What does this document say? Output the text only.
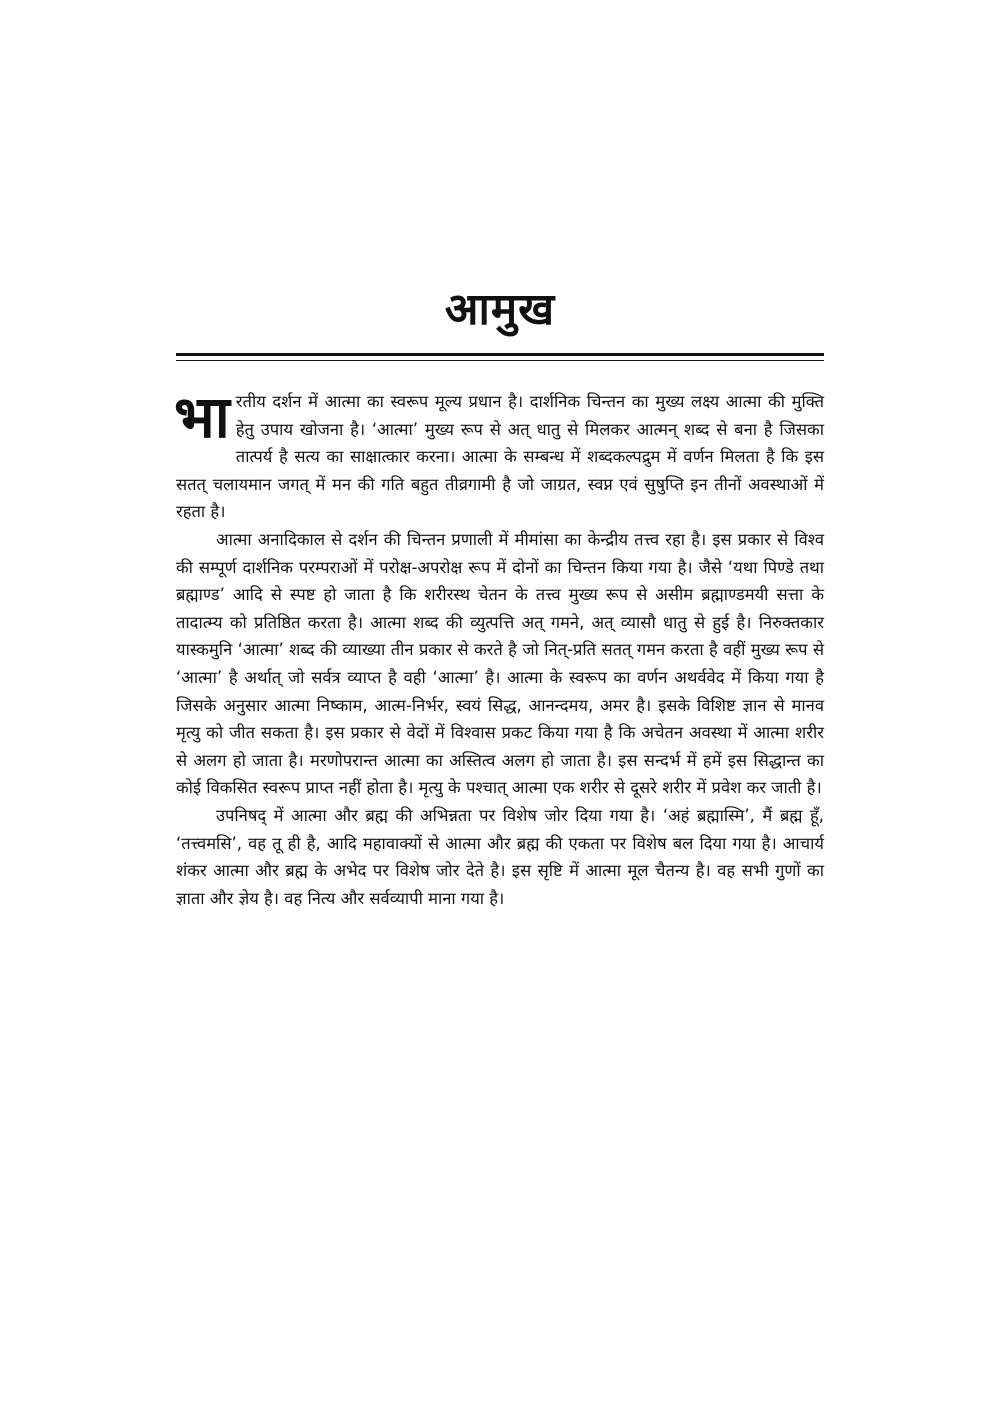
आमुख

भारतीय दर्शन में आत्मा का स्वरूप मूल्य प्रधान है। दार्शनिक चिन्तन का मुख्य लक्ष्य आत्मा की मुक्ति हेतु उपाय खोजना है। ‘आत्मा’ मुख्य रूप से अत् धातु से मिलकर आत्मन् शब्द से बना है जिसका तात्पर्य है सत्य का साक्षात्कार करना। आत्मा के सम्बन्ध में शब्दकल्पद्रुम में वर्णन मिलता है कि इस सतत् चलायमान जगत् में मन की गति बहुत तीव्रगामी है जो जाग्रत, स्वप्न एवं सुषुप्ति इन तीनों अवस्थाओं में रहता है।

आत्मा अनादिकाल से दर्शन की चिन्तन प्रणाली में मीमांसा का केन्द्रीय तत्त्व रहा है। इस प्रकार से विश्व की सम्पूर्ण दार्शनिक परम्पराओं में परोक्ष-अपरोक्ष रूप में दोनों का चिन्तन किया गया है। जैसे ‘यथा पिण्डे तथा ब्रह्माण्ड’ आदि से स्पष्ट हो जाता है कि शरीरस्थ चेतन के तत्त्व मुख्य रूप से असीम ब्रह्माण्डमयी सत्ता के तादात्म्य को प्रतिष्ठित करता है। आत्मा शब्द की व्युत्पत्ति अत् गमने, अत् व्यासौ धातु से हुई है। निरुक्तकार यास्कमुनि ‘आत्मा’ शब्द की व्याख्या तीन प्रकार से करते है जो नित्-प्रति सतत् गमन करता है वहीं मुख्य रूप से ‘आत्मा’ है अर्थात् जो सर्वत्र व्याप्त है वही ‘आत्मा’ है। आत्मा के स्वरूप का वर्णन अथर्ववेद में किया गया है जिसके अनुसार आत्मा निष्काम, आत्म-निर्भर, स्वयं सिद्ध, आनन्दमय, अमर है। इसके विशिष्ट ज्ञान से मानव मृत्यु को जीत सकता है। इस प्रकार से वेदों में विश्वास प्रकट किया गया है कि अचेतन अवस्था में आत्मा शरीर से अलग हो जाता है। मरणोपरान्त आत्मा का अस्तित्व अलग हो जाता है। इस सन्दर्भ में हमें इस सिद्धान्त का कोई विकसित स्वरूप प्राप्त नहीं होता है। मृत्यु के पश्चात् आत्मा एक शरीर से दूसरे शरीर में प्रवेश कर जाती है।

उपनिषद् में आत्मा और ब्रह्म की अभिन्नता पर विशेष जोर दिया गया है। ‘अहं ब्रह्मास्मि’, मैं ब्रह्म हूँ, ‘तत्त्वमसि’, वह तू ही है, आदि महावाक्यों से आत्मा और ब्रह्म की एकता पर विशेष बल दिया गया है। आचार्य शंकर आत्मा और ब्रह्म के अभेद पर विशेष जोर देते है। इस सृष्टि में आत्मा मूल चैतन्य है। वह सभी गुणों का ज्ञाता और ज्ञेय है। वह नित्य और सर्वव्यापी माना गया है।
